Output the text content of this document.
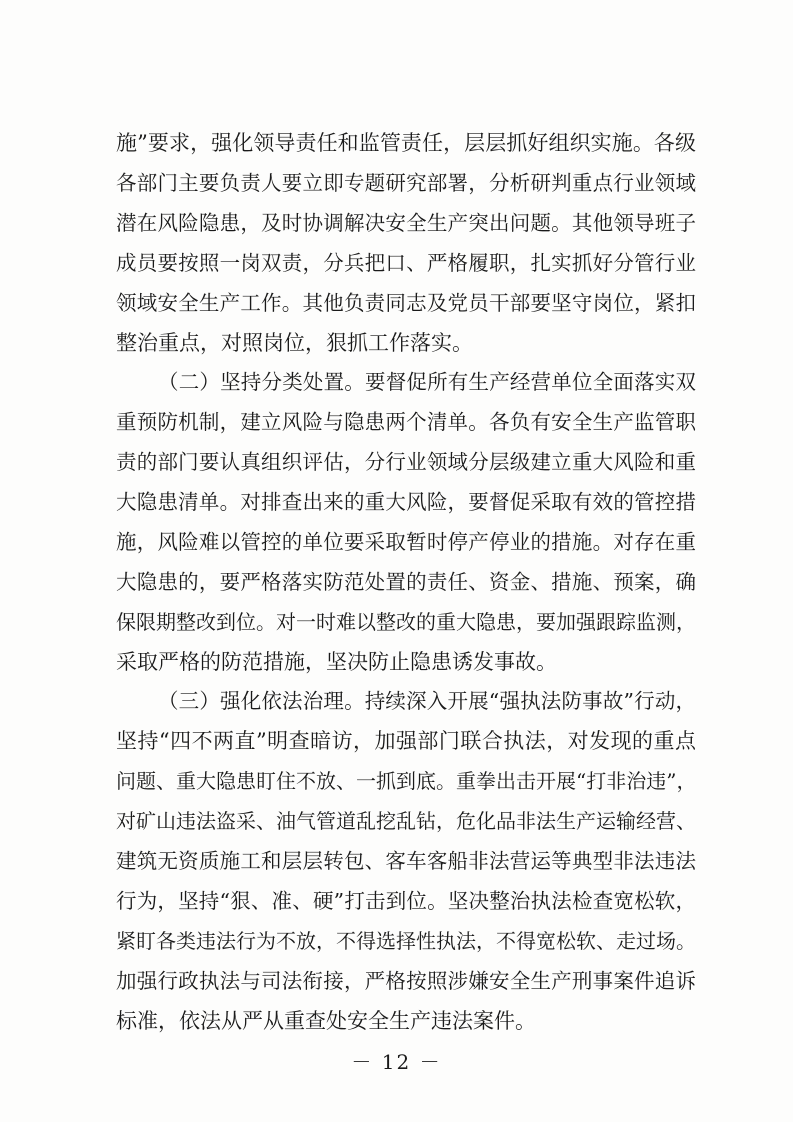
施”要求，强化领导责任和监管责任，层层抓好组织实施。各级
各部门主要负责人要立即专题研究部署，分析研判重点行业领域
潜在风险隐患，及时协调解决安全生产突出问题。其他领导班子
成员要按照一岗双责，分兵把口、严格履职，扎实抓好分管行业
领域安全生产工作。其他负责同志及党员干部要坚守岗位，紧扣
整治重点，对照岗位，狠抓工作落实。
（二）坚持分类处置。要督促所有生产经营单位全面落实双
重预防机制，建立风险与隐患两个清单。各负有安全生产监管职
责的部门要认真组织评估，分行业领域分层级建立重大风险和重
大隐患清单。对排查出来的重大风险，要督促采取有效的管控措
施，风险难以管控的单位要采取暂时停产停业的措施。对存在重
大隐患的，要严格落实防范处置的责任、资金、措施、预案，确
保限期整改到位。对一时难以整改的重大隐患，要加强跟踪监测，
采取严格的防范措施，坚决防止隐患诱发事故。
（三）强化依法治理。持续深入开展“强执法防事故”行动，
坚持“四不两直”明查暗访，加强部门联合执法，对发现的重点
问题、重大隐患盯住不放、一抓到底。重拳出击开展“打非治违”，
对矿山违法盗采、油气管道乱挖乱钻，危化品非法生产运输经营、
建筑无资质施工和层层转包、客车客船非法营运等典型非法违法
行为，坚持“狠、准、硬”打击到位。坚决整治执法检查宽松软，
紧盯各类违法行为不放，不得选择性执法，不得宽松软、走过场。
加强行政执法与司法衔接，严格按照涉嫌安全生产刑事案件追诉
标准，依法从严从重查处安全生产违法案件。
－ 12 －
